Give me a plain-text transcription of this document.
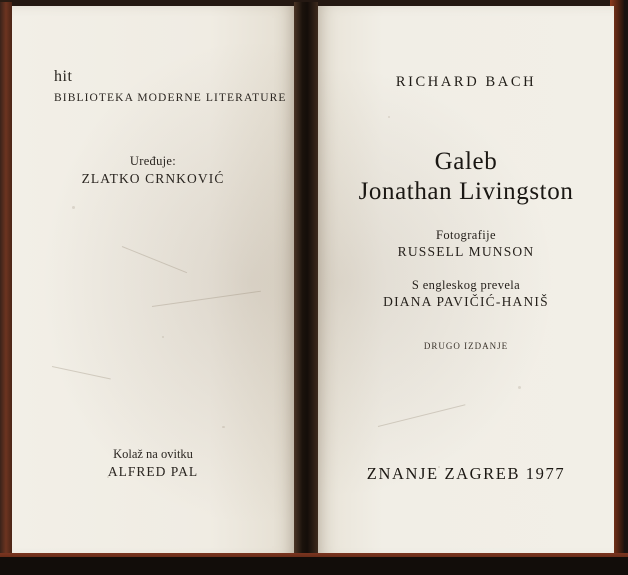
hit
BIBLIOTEKA MODERNE LITERATURE
Uređuje:
ZLATKO CRNKOVIĆ
Kolaž na ovitku
ALFRED PAL
RICHARD BACH
Galeb
Jonathan Livingston
Fotografije
RUSSELL MUNSON
S engleskog prevela
DIANA PAVIČIĆ-HANIŠ
DRUGO IZDANJE
ZNANJE ZAGREB 1977
